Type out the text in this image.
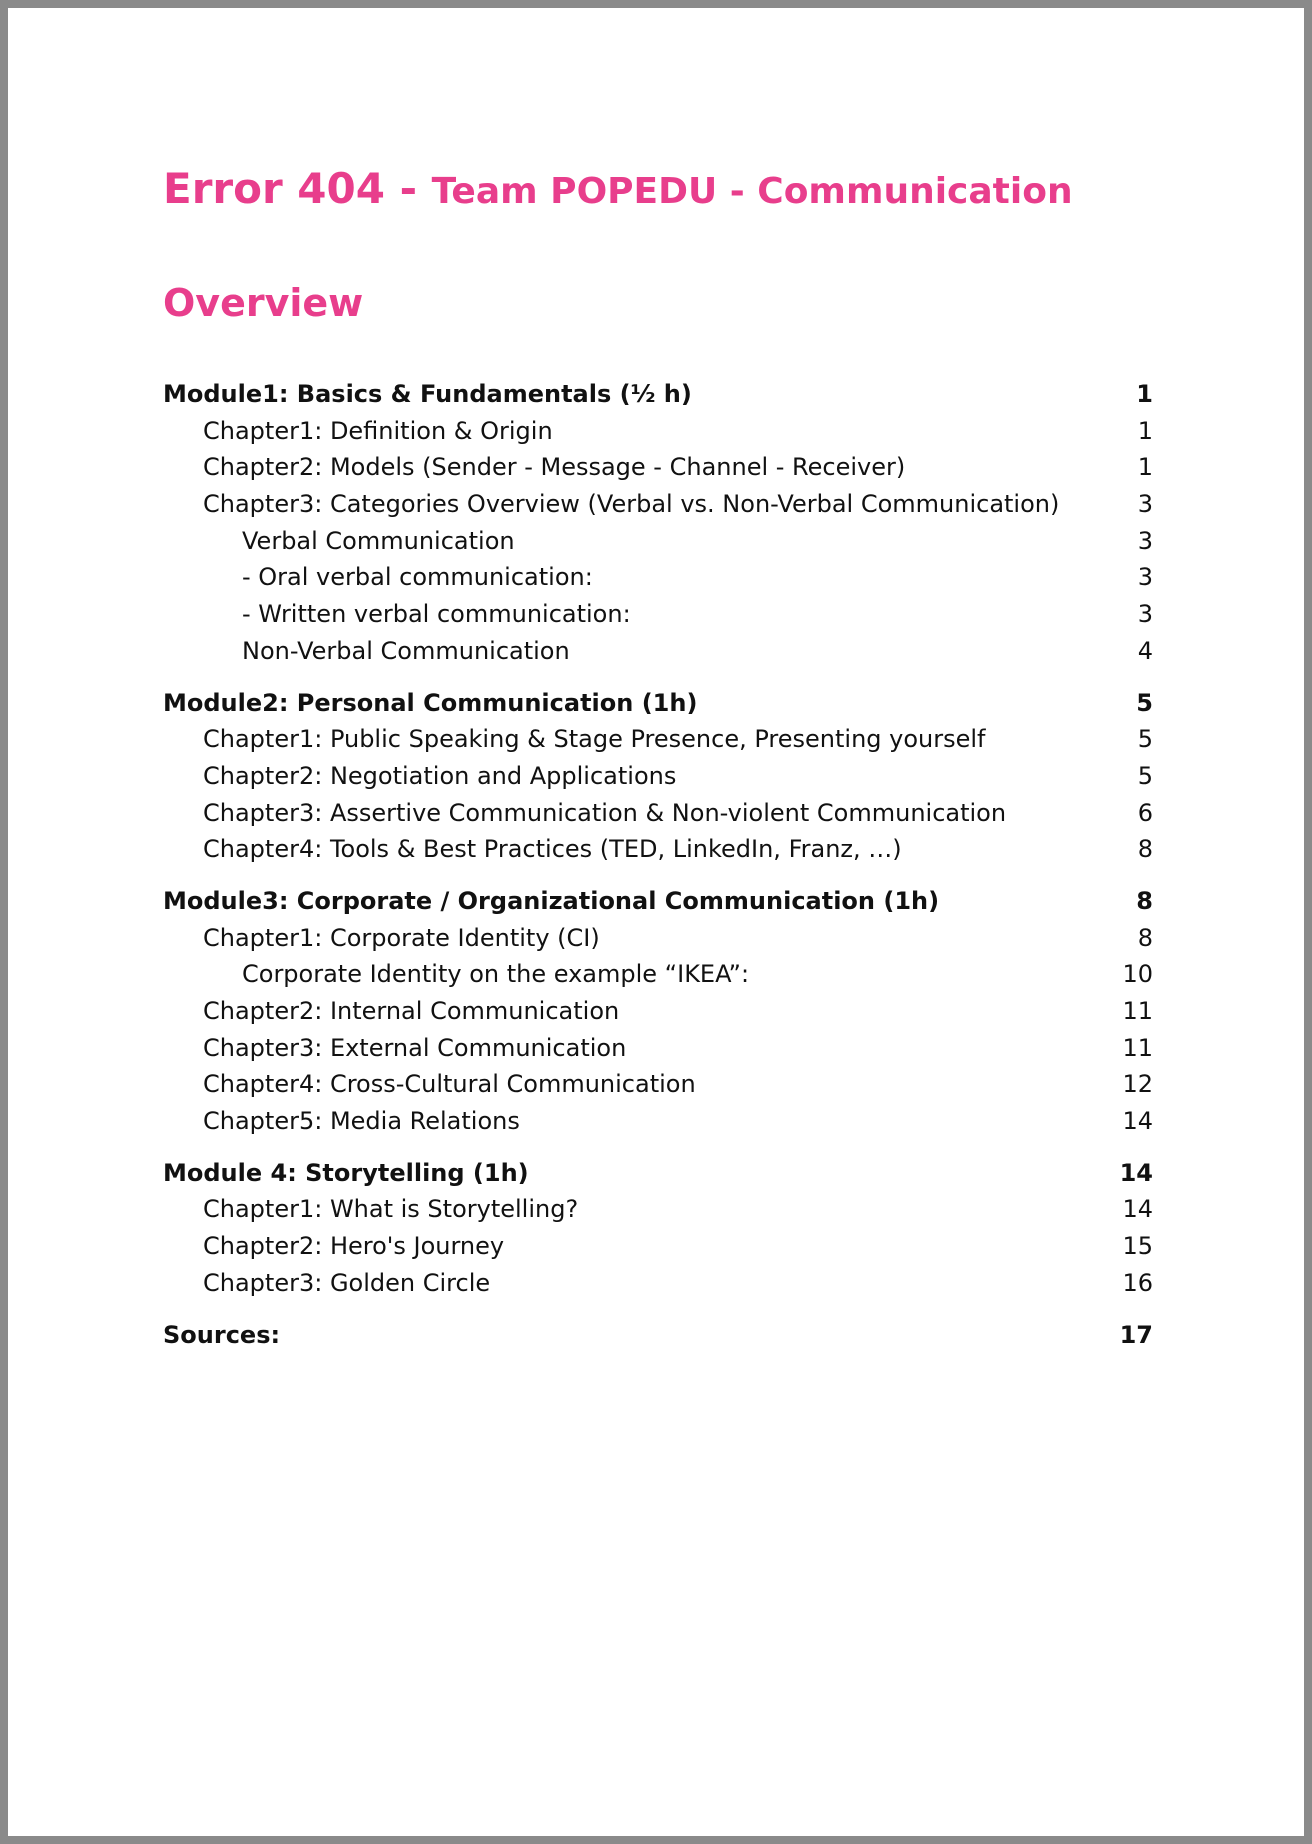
Error 404 - Team POPEDU - Communication
Overview
Module1: Basics & Fundamentals (½ h)	1
Chapter1: Definition & Origin	1
Chapter2: Models (Sender - Message - Channel - Receiver)	1
Chapter3: Categories Overview (Verbal vs. Non-Verbal Communication)	3
Verbal Communication	3
- Oral verbal communication:	3
- Written verbal communication:	3
Non-Verbal Communication	4
Module2: Personal Communication (1h)	5
Chapter1: Public Speaking & Stage Presence, Presenting yourself	5
Chapter2: Negotiation and Applications	5
Chapter3: Assertive Communication & Non-violent Communication	6
Chapter4: Tools & Best Practices (TED, LinkedIn, Franz, …)	8
Module3: Corporate / Organizational Communication (1h)	8
Chapter1: Corporate Identity (CI)	8
Corporate Identity on the example “IKEA”:	10
Chapter2: Internal Communication	11
Chapter3: External Communication	11
Chapter4: Cross-Cultural Communication	12
Chapter5: Media Relations	14
Module 4: Storytelling (1h)	14
Chapter1: What is Storytelling?	14
Chapter2: Hero's Journey	15
Chapter3: Golden Circle	16
Sources:	17
